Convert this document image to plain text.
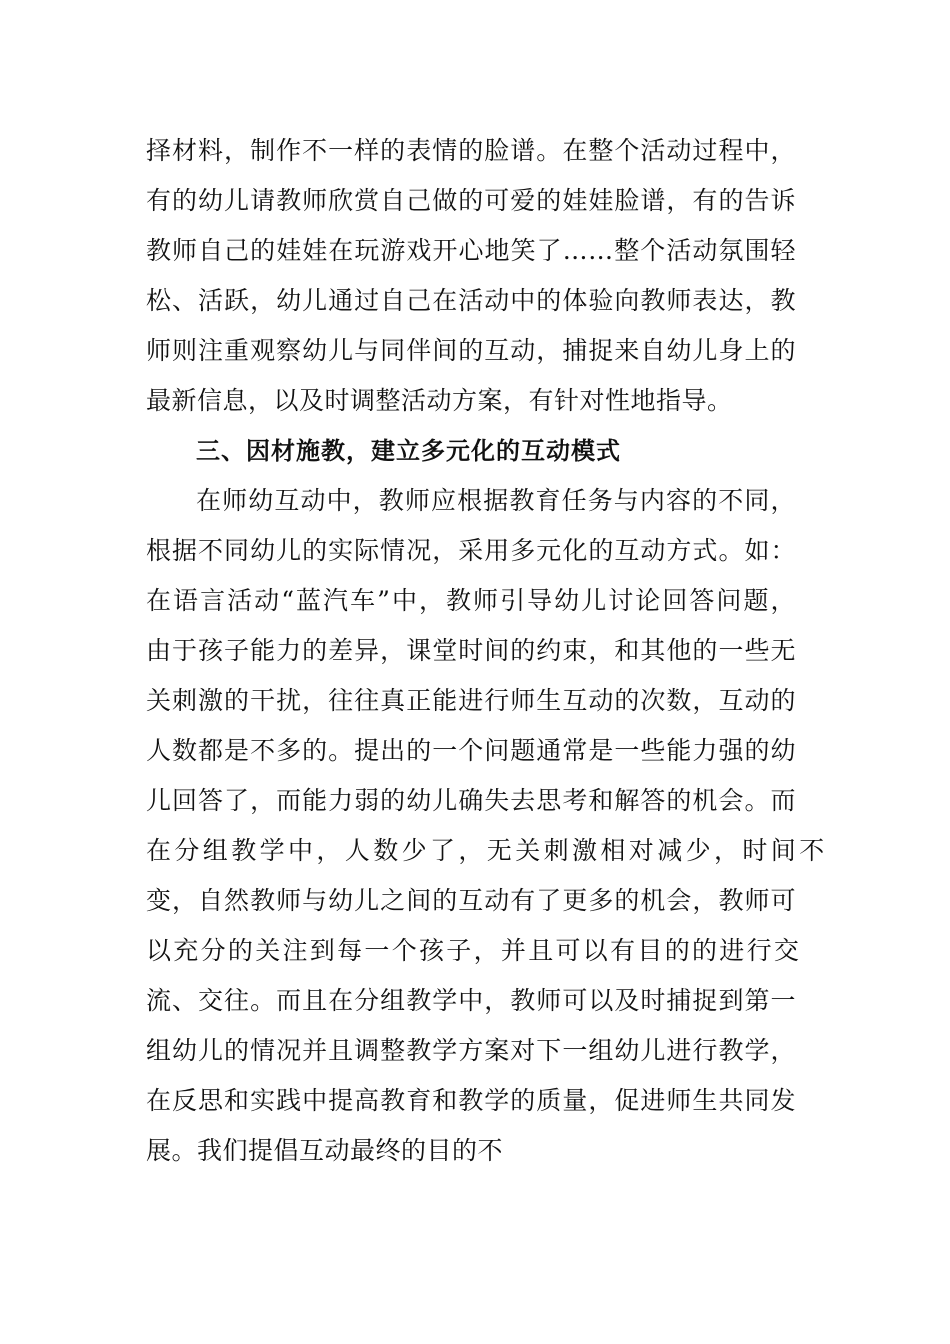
择材料，制作不一样的表情的脸谱。在整个活动过程中，
有的幼儿请教师欣赏自己做的可爱的娃娃脸谱，有的告诉
教师自己的娃娃在玩游戏开心地笑了……整个活动氛围轻
松、活跃，幼儿通过自己在活动中的体验向教师表达，教
师则注重观察幼儿与同伴间的互动，捕捉来自幼儿身上的
最新信息，以及时调整活动方案，有针对性地指导。
三、因材施教，建立多元化的互动模式
在师幼互动中，教师应根据教育任务与内容的不同，
根据不同幼儿的实际情况，采用多元化的互动方式。如：
在语言活动“蓝汽车”中，教师引导幼儿讨论回答问题，
由于孩子能力的差异，课堂时间的约束，和其他的一些无
关刺激的干扰，往往真正能进行师生互动的次数，互动的
人数都是不多的。提出的一个问题通常是一些能力强的幼
儿回答了，而能力弱的幼儿确失去思考和解答的机会。而
在分组教学中，人数少了，无关刺激相对减少，时间不
变，自然教师与幼儿之间的互动有了更多的机会，教师可
以充分的关注到每一个孩子，并且可以有目的的进行交
流、交往。而且在分组教学中，教师可以及时捕捉到第一
组幼儿的情况并且调整教学方案对下一组幼儿进行教学，
在反思和实践中提高教育和教学的质量，促进师生共同发
展。我们提倡互动最终的目的不
